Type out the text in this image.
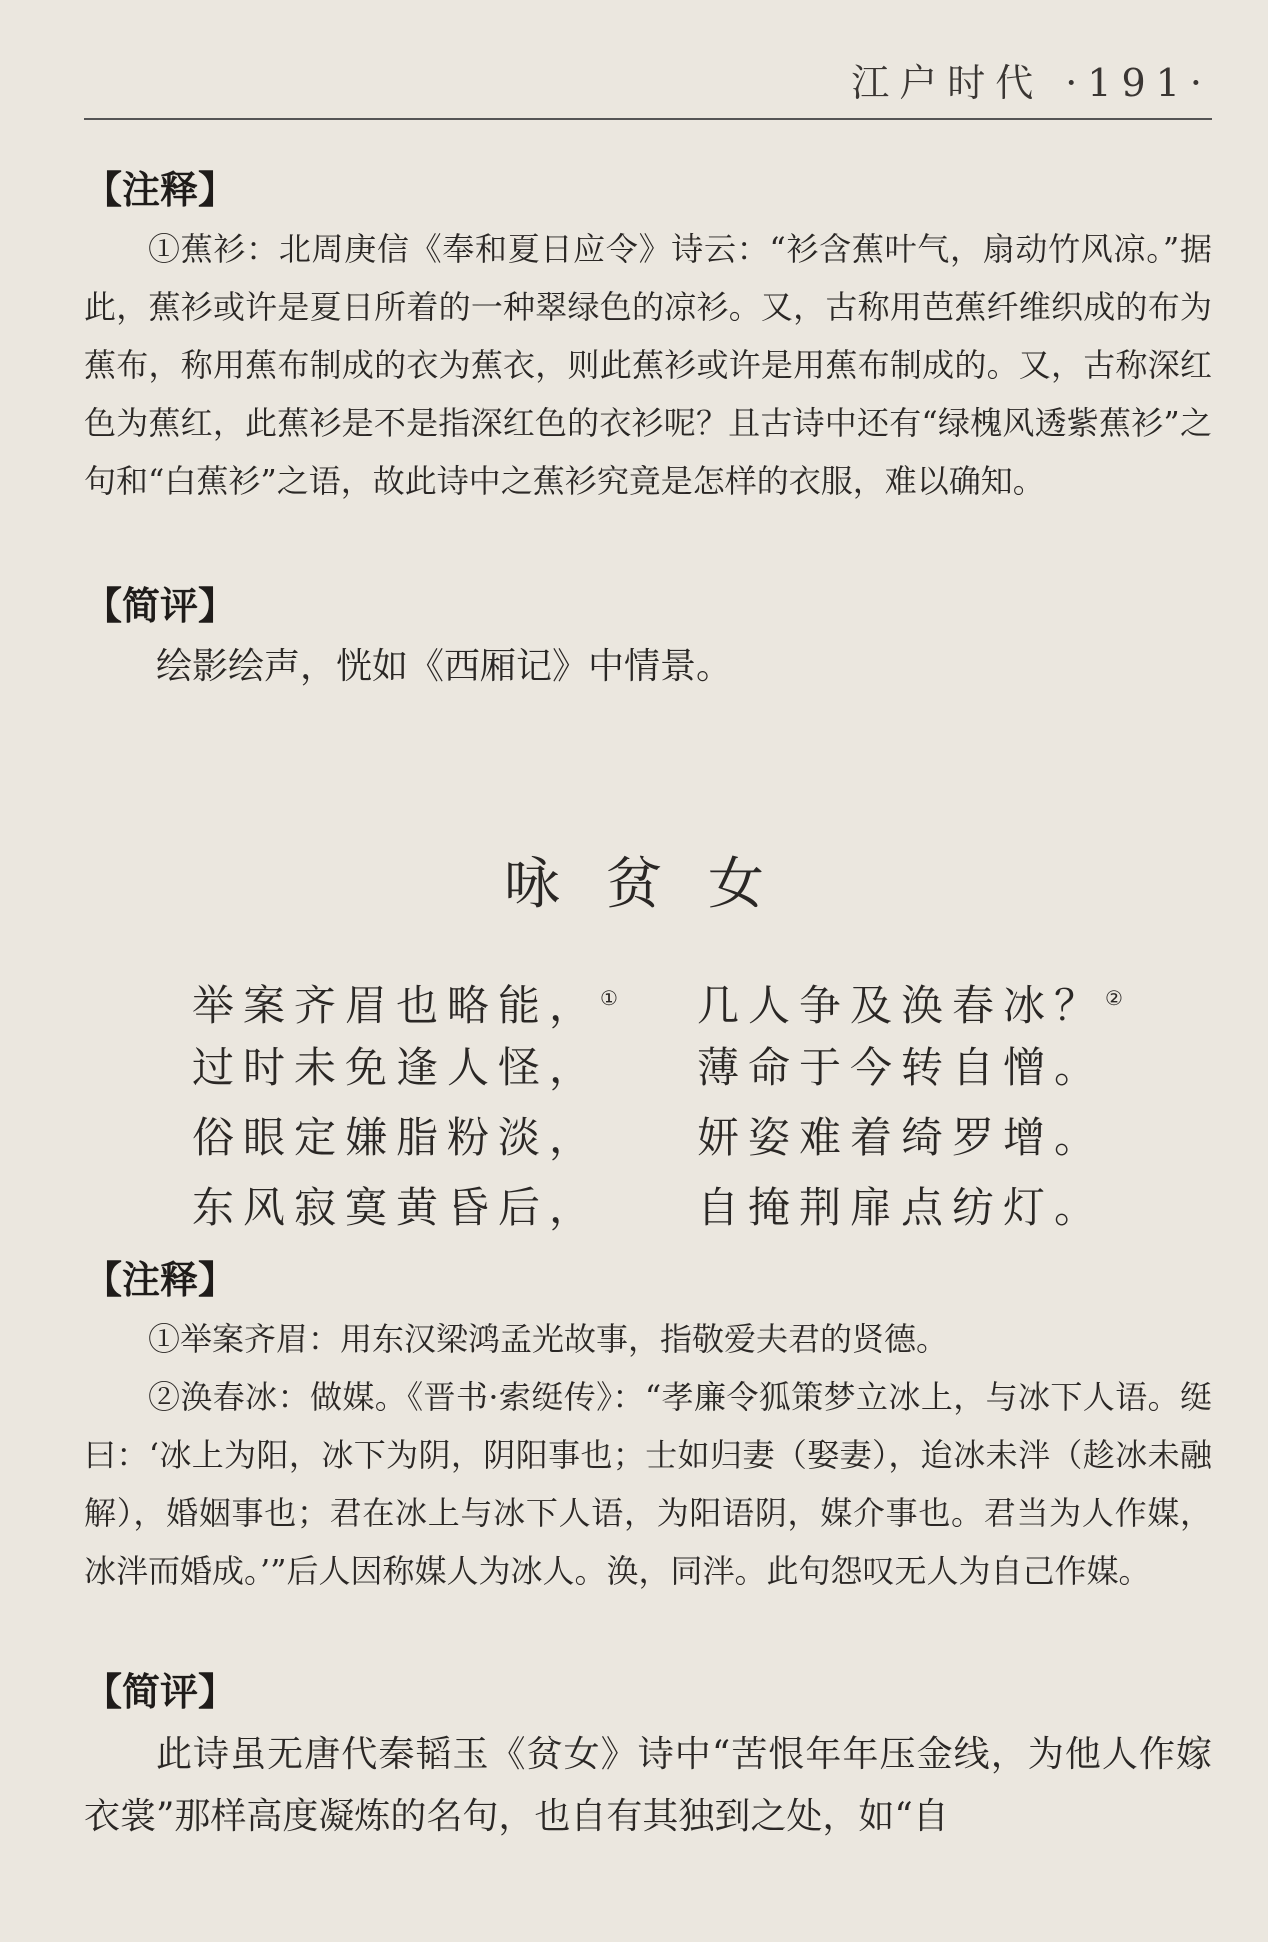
江户时代 ·191·

【注释】

①蕉衫：北周庚信《奉和夏日应令》诗云：“衫含蕉叶气，扇动竹风凉。”据此，蕉衫或许是夏日所着的一种翠绿色的凉衫。又，古称用芭蕉纤维织成的布为蕉布，称用蕉布制成的衣为蕉衣，则此蕉衫或许是用蕉布制成的。又，古称深红色为蕉红，此蕉衫是不是指深红色的衣衫呢？且古诗中还有“绿槐风透紫蕉衫”之句和“白蕉衫”之语，故此诗中之蕉衫究竟是怎样的衣服，难以确知。

【简评】

绘影绘声，恍如《西厢记》中情景。

咏贫女
举案齐眉也略能，① 几人争及涣春冰？②
过时未免逢人怪， 薄命于今转自憎。
俗眼定嫌脂粉淡， 妍姿难着绮罗增。
东风寂寞黄昏后， 自掩荆扉点纺灯。

【注释】

①举案齐眉：用东汉梁鸿孟光故事，指敬爱夫君的贤德。

②涣春冰：做媒。《晋书·索𬘩传》：“孝廉令狐策梦立冰上，与冰下人语。𬘩曰：‘冰上为阳，冰下为阴，阴阳事也；士如归妻（娶妻），迨冰未泮（趁冰未融解），婚姻事也；君在冰上与冰下人语，为阳语阴，媒介事也。君当为人作媒，冰泮而婚成。’”后人因称媒人为冰人。涣，同泮。此句怨叹无人为自己作媒。

【简评】

此诗虽无唐代秦韬玉《贫女》诗中“苦恨年年压金线，为他人作嫁衣裳”那样高度凝炼的名句，也自有其独到之处，如“自
